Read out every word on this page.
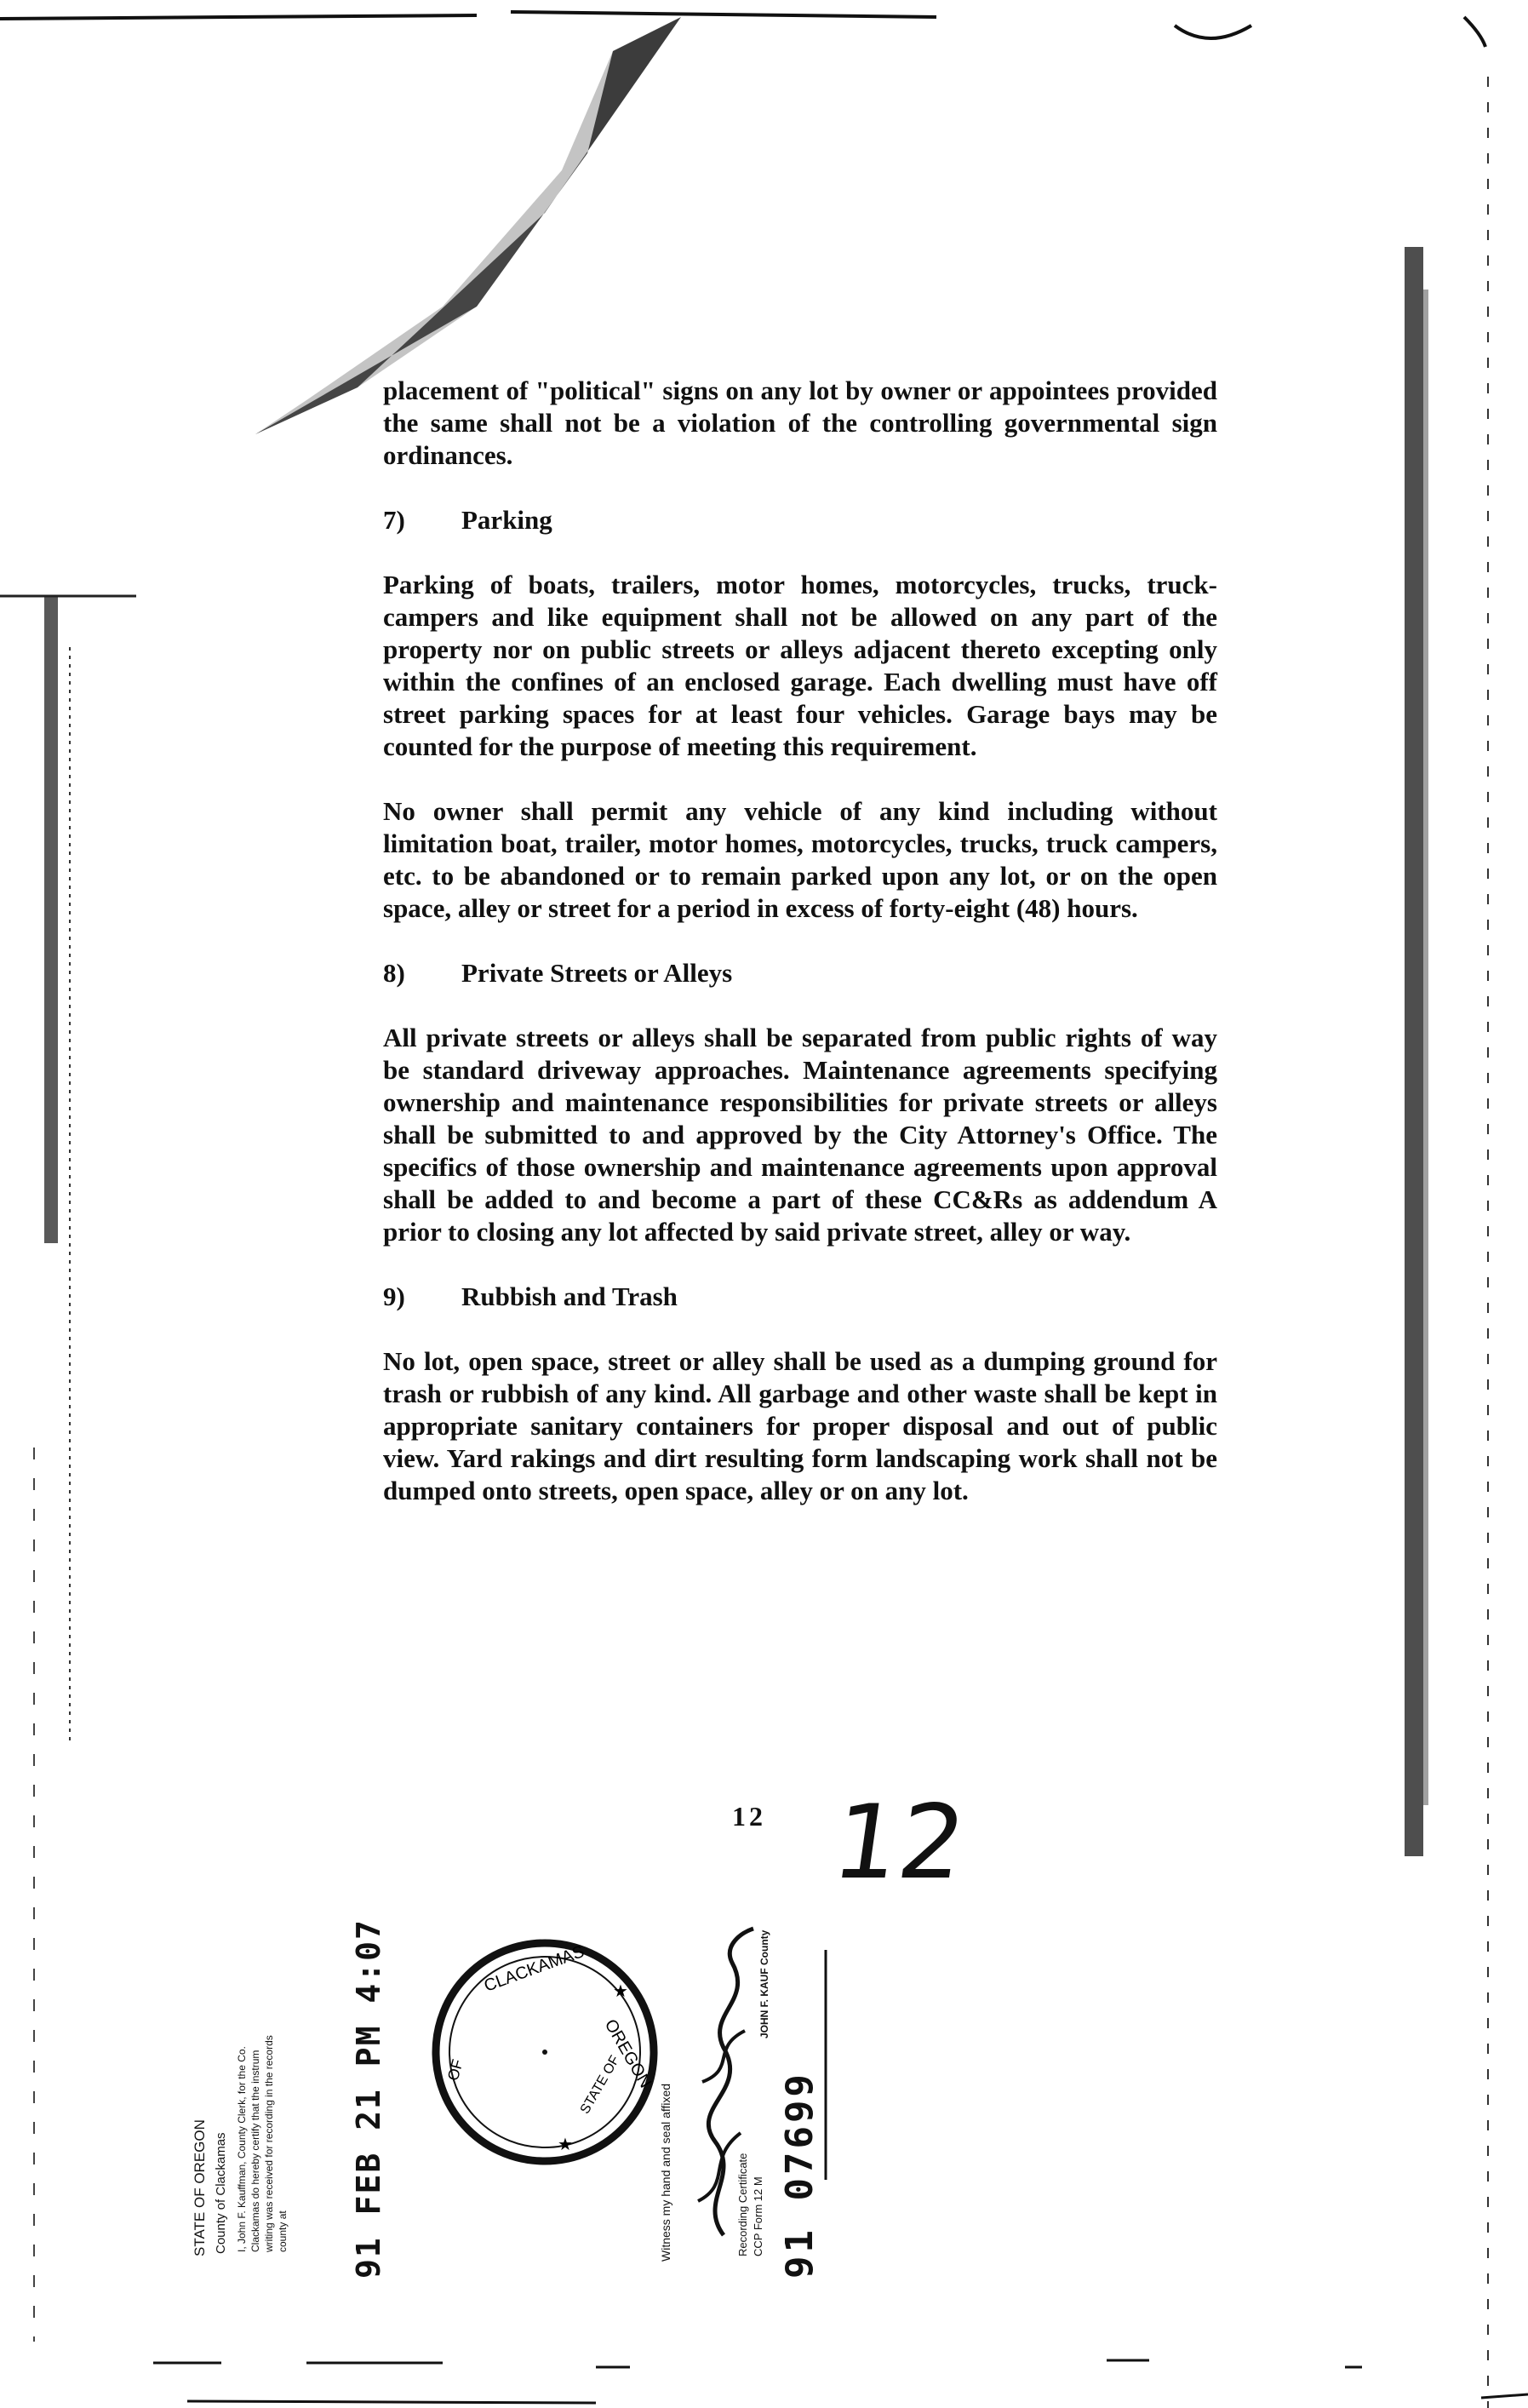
placement of "political" signs on any lot by owner or appointees provided the same shall not be a violation of the controlling governmental sign ordinances.

7)	Parking

Parking of boats, trailers, motor homes, motorcycles, trucks, truck-campers and like equipment shall not be allowed on any part of the property nor on public streets or alleys adjacent thereto excepting only within the confines of an enclosed garage. Each dwelling must have off street parking spaces for at least four vehicles. Garage bays may be counted for the purpose of meeting this requirement.

No owner shall permit any vehicle of any kind including without limitation boat, trailer, motor homes, motorcycles, trucks, truck campers, etc. to be abandoned or to remain parked upon any lot, or on the open space, alley or street for a period in excess of forty-eight (48) hours.

8)	Private Streets or Alleys

All private streets or alleys shall be separated from public rights of way be standard driveway approaches. Maintenance agreements specifying ownership and maintenance responsibilities for private streets or alleys shall be submitted to and approved by the City Attorney's Office. The specifics of those ownership and maintenance agreements upon approval shall be added to and become a part of these CC&Rs as addendum A prior to closing any lot affected by said private street, alley or way.

9)	Rubbish and Trash

No lot, open space, street or alley shall be used as a dumping ground for trash or rubbish of any kind. All garbage and other waste shall be kept in appropriate sanitary containers for proper disposal and out of public view. Yard rakings and dirt resulting form landscaping work shall not be dumped onto streets, open space, alley or on any lot.

12 12
STATE OF OREGON County of Clackamas I, John F. Kauffman, County Clerk, for the Co. Clackamas do hereby certify that the instrum writing was received for recording in the records county at 91 FEB 21 PM 4:07	CLACKAMAS
OREGON
OF	STATE OF
★
★
John F. Kauffman
Witness my hand and seal affixed	Recording Certificate CCP Form 12 M
JOHN F. KAUF County
91 07699
